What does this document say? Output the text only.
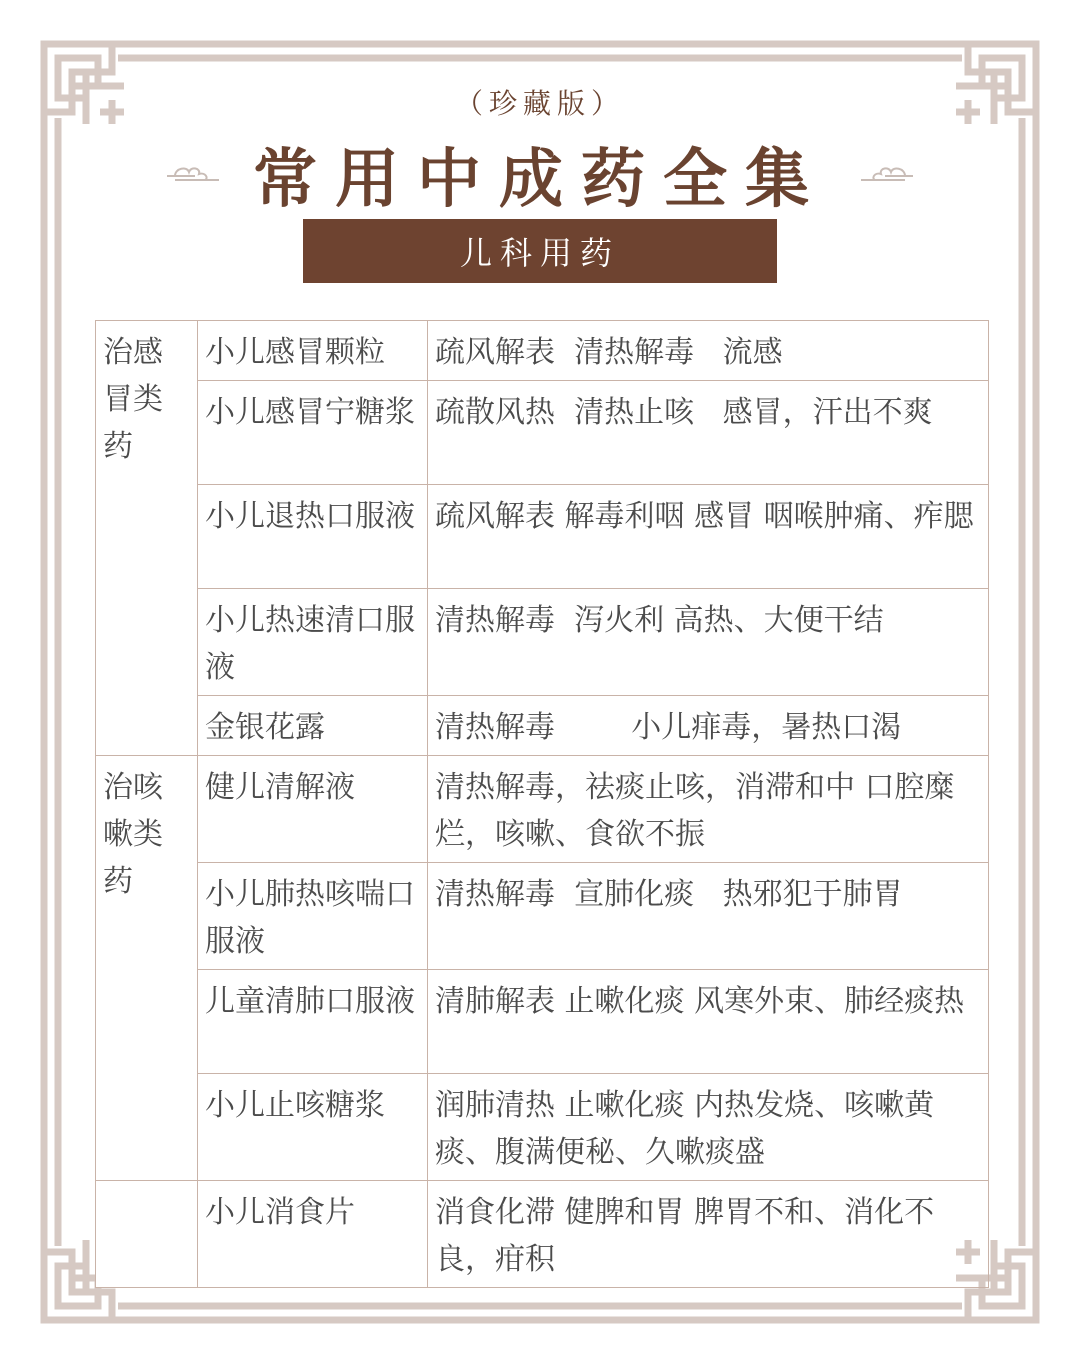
（珍藏版）
常用中成药全集
儿科用药
治感冒类药	小儿感冒颗粒	疏风解表  清热解毒   流感
	小儿感冒宁糖浆	疏散风热  清热止咳   感冒，汗出不爽
	小儿退热口服液	疏风解表 解毒利咽 感冒 咽喉肿痛、痄腮
	小儿热速清口服液	清热解毒  泻火利 高热、大便干结
	金银花露	清热解毒        小儿痱毒，暑热口渴
治咳嗽类药	健儿清解液	清热解毒，祛痰止咳，消滞和中 口腔糜烂，咳嗽、食欲不振
	小儿肺热咳喘口服液	清热解毒  宣肺化痰   热邪犯于肺胃
	儿童清肺口服液	清肺解表 止嗽化痰 风寒外束、肺经痰热
	小儿止咳糖浆	润肺清热 止嗽化痰 内热发烧、咳嗽黄痰、腹满便秘、久嗽痰盛
	小儿消食片	消食化滞 健脾和胃 脾胃不和、消化不良，疳积
